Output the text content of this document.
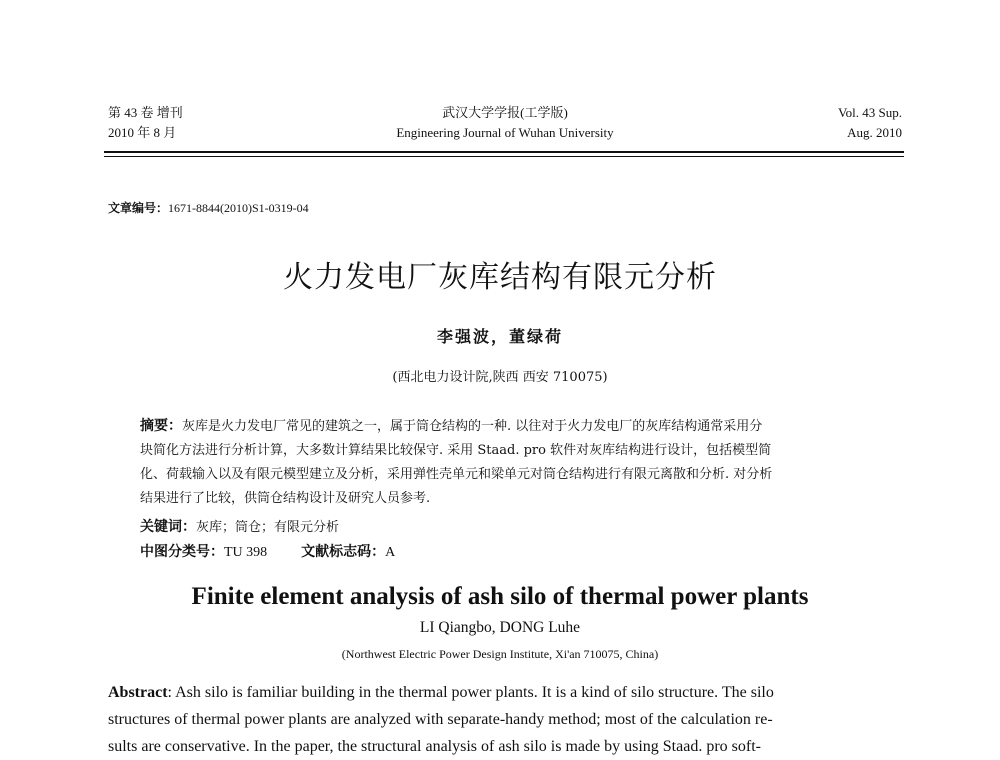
第 43 卷 增刊
2010 年 8 月
武汉大学学报(工学版)
Engineering Journal of Wuhan University
Vol. 43 Sup.
Aug. 2010
文章编号：1671-8844(2010)S1-0319-04
火力发电厂灰库结构有限元分析
李强波，董绿荷
(西北电力设计院,陕西 西安 710075)
摘要：灰库是火力发电厂常见的建筑之一，属于筒仓结构的一种. 以往对于火力发电厂的灰库结构通常采用分
块简化方法进行分析计算，大多数计算结果比较保守. 采用 Staad. pro 软件对灰库结构进行设计，包括模型简
化、荷载输入以及有限元模型建立及分析，采用弹性壳单元和梁单元对筒仓结构进行有限元离散和分析. 对分析
结果进行了比较，供筒仓结构设计及研究人员参考.
关键词：灰库；筒仓；有限元分析
中图分类号：TU 398 文献标志码：A
Finite element analysis of ash silo of thermal power plants
LI Qiangbo, DONG Luhe
(Northwest Electric Power Design Institute, Xi'an 710075, China)
Abstract: Ash silo is familiar building in the thermal power plants. It is a kind of silo structure. The silo
structures of thermal power plants are analyzed with separate-handy method; most of the calculation re-
sults are conservative. In the paper, the structural analysis of ash silo is made by using Staad. pro soft-
